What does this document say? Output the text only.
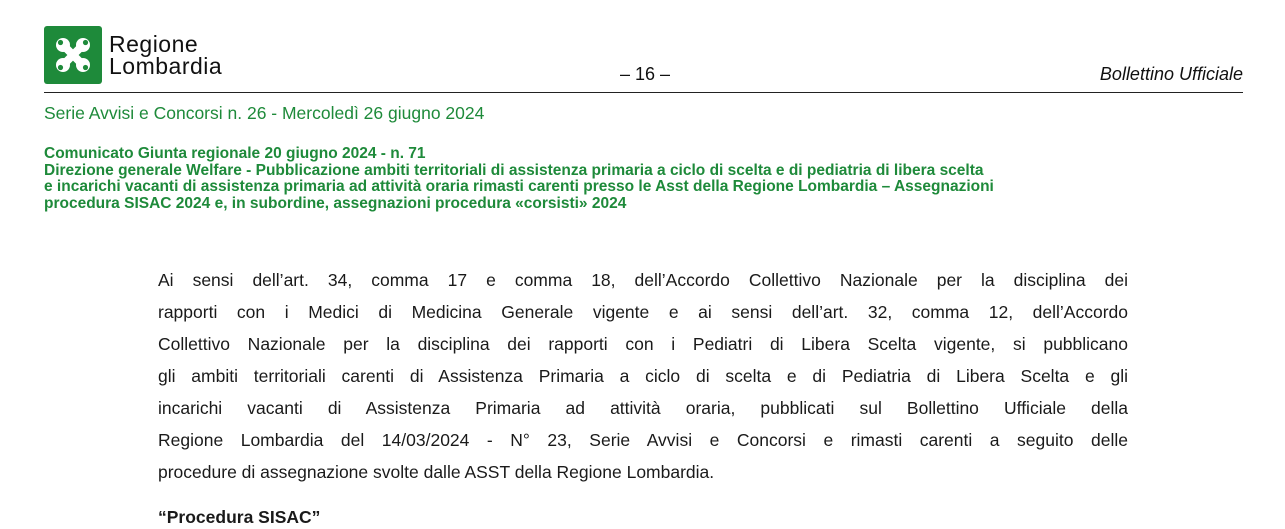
Regione
Lombardia	– 16 –	Bollettino Ufficiale
Serie Avvisi e Concorsi n. 26 - Mercoledì 26 giugno 2024
Comunicato Giunta regionale 20 giugno 2024 - n. 71
Direzione generale Welfare - Pubblicazione ambiti territoriali di assistenza primaria a ciclo di scelta e di pediatria di libera scelta
e incarichi vacanti di assistenza primaria ad attività oraria rimasti carenti presso le Asst della Regione Lombardia – Assegnazioni
procedura SISAC 2024 e, in subordine, assegnazioni procedura «corsisti» 2024
Ai sensi dell’art. 34, comma 17 e comma 18, dell’Accordo Collettivo Nazionale per la disciplina dei
rapporti con i Medici di Medicina Generale vigente e ai sensi dell’art. 32, comma 12, dell’Accordo
Collettivo Nazionale per la disciplina dei rapporti con i Pediatri di Libera Scelta vigente, si pubblicano
gli ambiti territoriali carenti di Assistenza Primaria a ciclo di scelta e di Pediatria di Libera Scelta e gli
incarichi vacanti di Assistenza Primaria ad attività oraria, pubblicati sul Bollettino Ufficiale della
Regione Lombardia del 14/03/2024 - N° 23, Serie Avvisi e Concorsi e rimasti carenti a seguito delle
procedure di assegnazione svolte dalle ASST della Regione Lombardia.
“Procedura SISAC”
